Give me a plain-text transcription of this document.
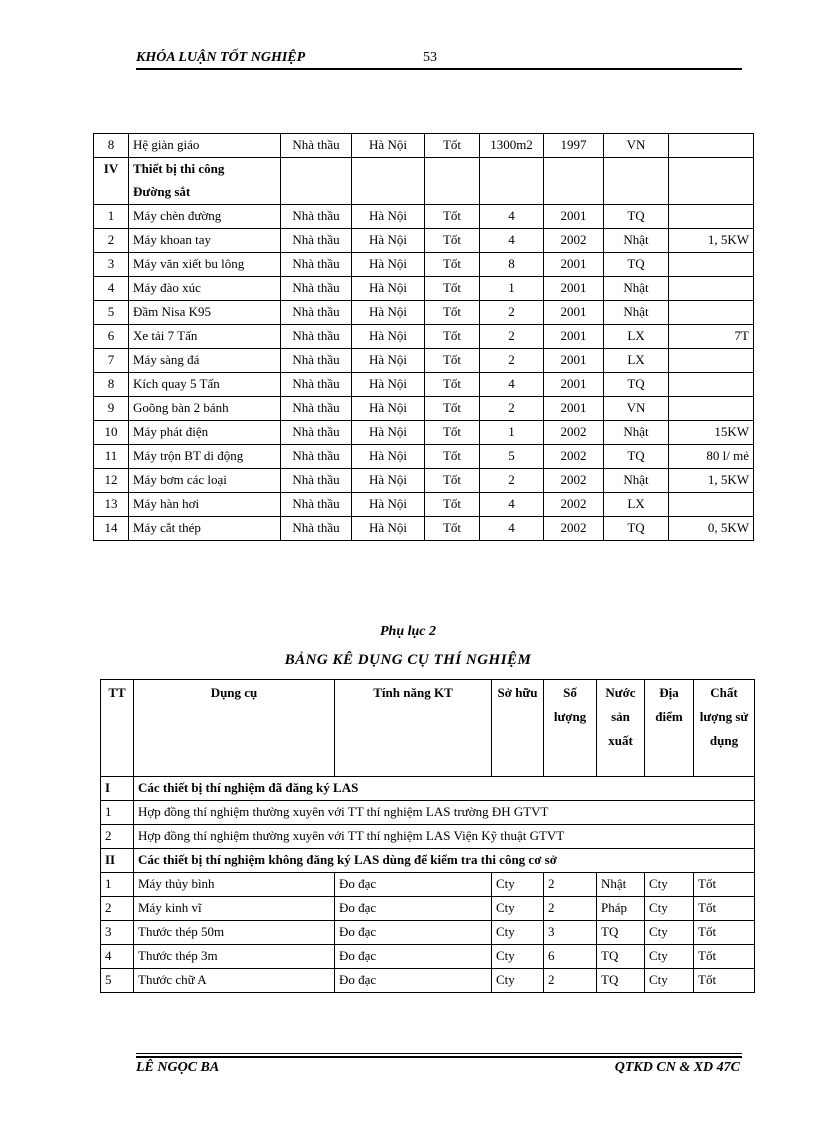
KHÓA LUẬN TỐT NGHIỆP	53
8	Hệ giàn giáo	Nhà thầu	Hà Nội	Tốt	1300m2	1997	VN	
IV	Thiết bị thi công							
	Đường sắt							
1	Máy chèn đường	Nhà thầu	Hà Nội	Tốt	4	2001	TQ	
2	Máy khoan tay	Nhà thầu	Hà Nội	Tốt	4	2002	Nhật	1, 5KW
3	Máy văn xiết bu lông	Nhà thầu	Hà Nội	Tốt	8	2001	TQ	
4	Máy đào xúc	Nhà thầu	Hà Nội	Tốt	1	2001	Nhật	
5	Đầm Nisa K95	Nhà thầu	Hà Nội	Tốt	2	2001	Nhật	
6	Xe tải 7 Tấn	Nhà thầu	Hà Nội	Tốt	2	2001	LX	7T
7	Máy sàng đá	Nhà thầu	Hà Nội	Tốt	2	2001	LX	
8	Kích quay 5 Tấn	Nhà thầu	Hà Nội	Tốt	4	2001	TQ	
9	Goõng bàn 2 bánh	Nhà thầu	Hà Nội	Tốt	2	2001	VN	
10	Máy phát điện	Nhà thầu	Hà Nội	Tốt	1	2002	Nhật	15KW
11	Máy trộn BT di động	Nhà thầu	Hà Nội	Tốt	5	2002	TQ	80 l/ mẻ
12	Máy bơm các loại	Nhà thầu	Hà Nội	Tốt	2	2002	Nhật	1, 5KW
13	Máy hàn hơi	Nhà thầu	Hà Nội	Tốt	4	2002	LX	
14	Máy cắt thép	Nhà thầu	Hà Nội	Tốt	4	2002	TQ	0, 5KW
Phụ lục 2
BẢNG KÊ DỤNG CỤ THÍ NGHIỆM
TT	Dụng cụ	Tính năng KT	Sở hữu	Số lượng	Nước sản xuất	Địa điểm	Chất lượng sử dụng
I	Các thiết bị thí nghiệm đã đăng ký LAS						
1	Hợp đồng thí nghiệm thường xuyên với TT thí nghiệm LAS trường ĐH GTVT						
2	Hợp đồng thí nghiệm thường xuyên với TT thí nghiệm LAS Viện Kỹ thuật GTVT						
II	Các thiết bị thí nghiệm không đăng ký LAS dùng để kiểm tra thi công cơ sở						
1	Máy thủy bình	Đo đạc	Cty	2	Nhật	Cty	Tốt
2	Máy kinh vĩ	Đo đạc	Cty	2	Pháp	Cty	Tốt
3	Thước thép 50m	Đo đạc	Cty	3	TQ	Cty	Tốt
4	Thước thép 3m	Đo đạc	Cty	6	TQ	Cty	Tốt
5	Thước chữ A	Đo đạc	Cty	2	TQ	Cty	Tốt
LÊ NGỌC BA	QTKD CN & XD 47C
